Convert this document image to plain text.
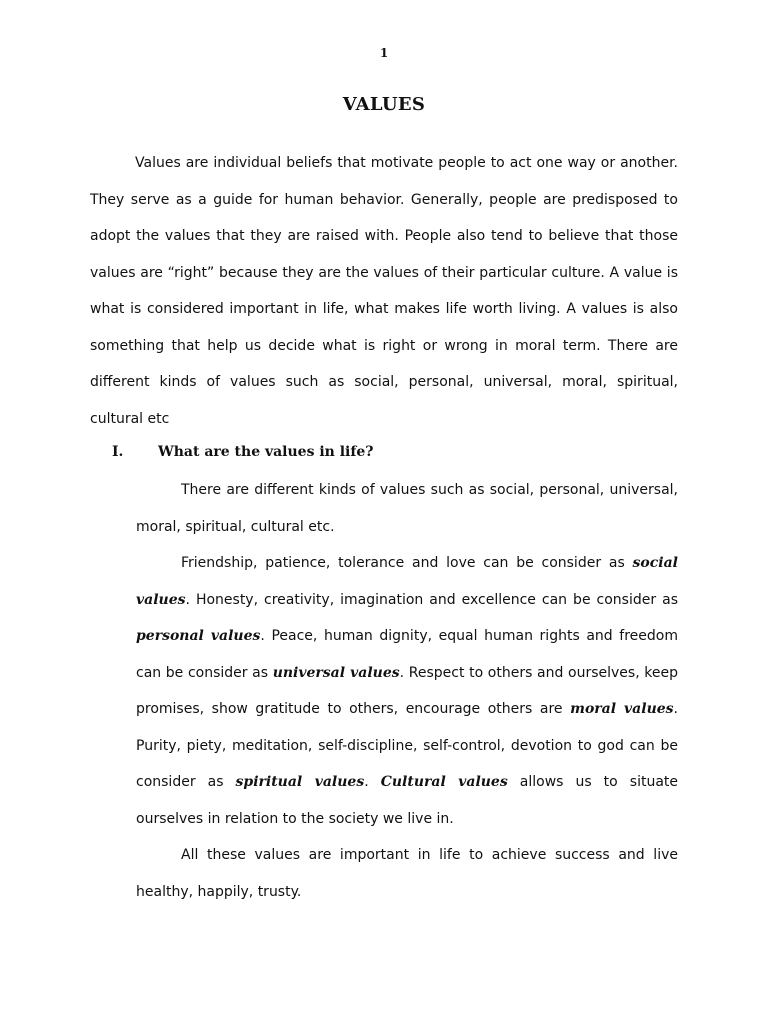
1
VALUES

Values are individual beliefs that motivate people to act one way or another. They serve as a guide for human behavior. Generally, people are predisposed to adopt the values that they are raised with. People also tend to believe that those values are “right” because they are the values of their particular culture. A value is what is considered important in life, what makes life worth living. A values is also something that help us decide what is right or wrong in moral term. There are different kinds of values such as social, personal, universal, moral, spiritual, cultural etc

I. What are the values in life?

There are different kinds of values such as social, personal, universal, moral, spiritual, cultural etc.

Friendship, patience, tolerance and love can be consider as social values. Honesty, creativity, imagination and excellence can be consider as personal values. Peace, human dignity, equal human rights and freedom can be consider as universal values. Respect to others and ourselves, keep promises, show gratitude to others, encourage others are moral values. Purity, piety, meditation, self-discipline, self-control, devotion to god can be consider as spiritual values. Cultural values allows us to situate ourselves in relation to the society we live in.

All these values are important in life to achieve success and live healthy, happily, trusty.
